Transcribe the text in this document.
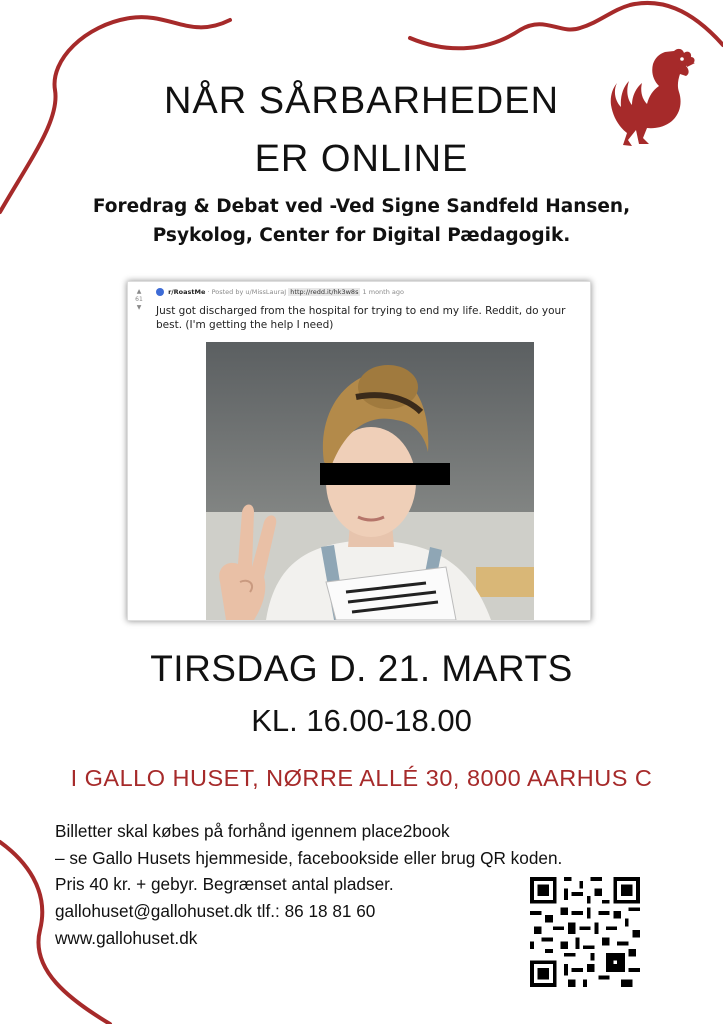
NÅR SÅRBARHEDEN
ER ONLINE
Foredrag & Debat ved -Ved Signe Sandfeld Hansen,
Psykolog, Center for Digital Pædagogik.
▲
61
▼
r/RoastMe · Posted by u/MissLauraJ http://redd.it/hk3w8s 1 month ago
Just got discharged from the hospital for trying to end my life. Reddit, do your best. (I'm getting the help I need)
TIRSDAG D. 21. MARTS
KL. 16.00-18.00
I GALLO HUSET, NØRRE ALLÉ 30, 8000 AARHUS C
Billetter skal købes på forhånd igennem place2book
– se Gallo Husets hjemmeside, facebookside eller brug QR koden.
Pris 40 kr. + gebyr. Begrænset antal pladser.
gallohuset@gallohuset.dk tlf.: 86 18 81 60
www.gallohuset.dk
